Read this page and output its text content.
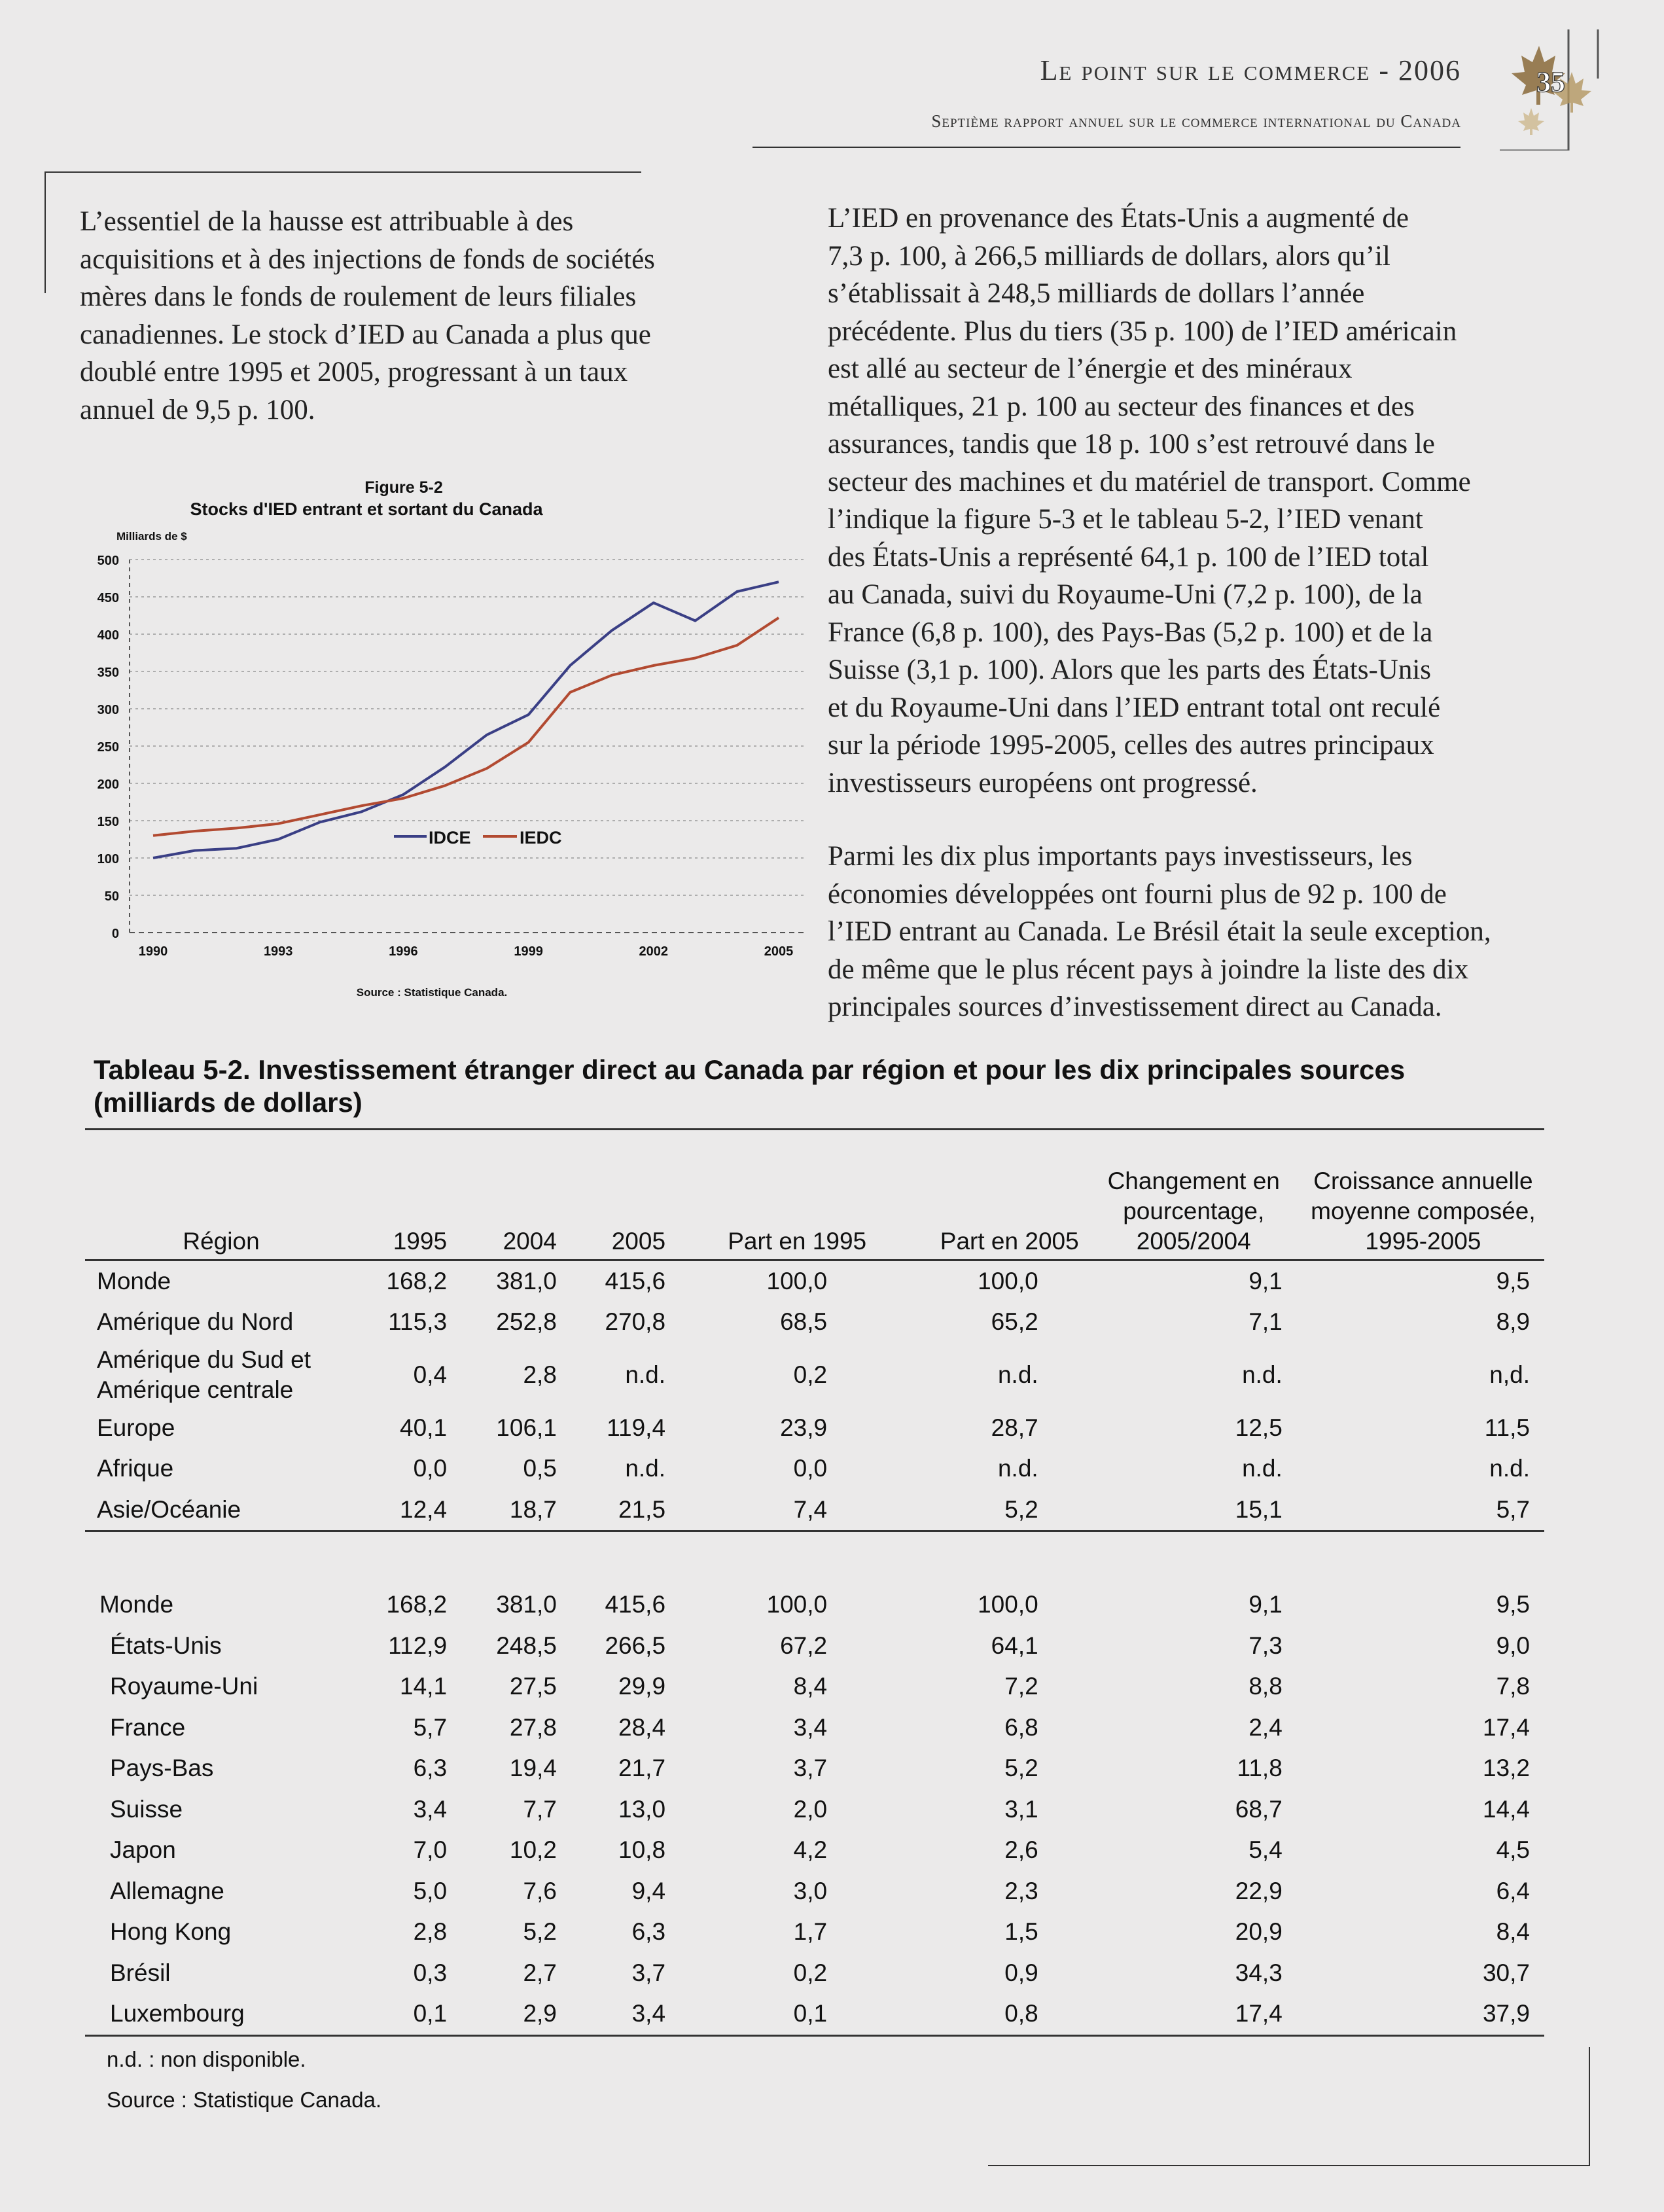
Le point sur le commerce - 2006
Septième rapport annuel sur le commerce international du Canada
35
L’essentiel de la hausse est attribuable à des
acquisitions et à des injections de fonds de sociétés
mères dans le fonds de roulement de leurs filiales
canadiennes. Le stock d’IED au Canada a plus que
doublé entre 1995 et 2005, progressant à un taux
annuel de 9,5 p. 100.
L’IED en provenance des États-Unis a augmenté de
7,3 p. 100, à 266,5 milliards de dollars, alors qu’il
s’établissait à 248,5 milliards de dollars l’année
précédente. Plus du tiers (35 p. 100) de l’IED américain
est allé au secteur de l’énergie et des minéraux
métalliques, 21 p. 100 au secteur des finances et des
assurances, tandis que 18 p. 100 s’est retrouvé dans le
secteur des machines et du matériel de transport. Comme
l’indique la figure 5-3 et le tableau 5-2, l’IED venant
des États-Unis a représenté 64,1 p. 100 de l’IED total
au Canada, suivi du Royaume-Uni (7,2 p. 100), de la
France (6,8 p. 100), des Pays-Bas (5,2 p. 100) et de la
Suisse (3,1 p. 100). Alors que les parts des États-Unis
et du Royaume-Uni dans l’IED entrant total ont reculé
sur la période 1995-2005, celles des autres principaux
investisseurs européens ont progressé.
Parmi les dix plus importants pays investisseurs, les
économies développées ont fourni plus de 92 p. 100 de
l’IED entrant au Canada. Le Brésil était la seule exception,
de même que le plus récent pays à joindre la liste des dix
principales sources d’investissement direct au Canada.
Figure 5-2
Stocks d'IED entrant et sortant du Canada
Milliards de $
500
450
400
350
300
250
200
150
100
50
0
1990	1993	1996	1999	2002	2005
IDCE	IEDC
Source : Statistique Canada.
Tableau 5-2. Investissement étranger direct au Canada par région et pour les dix principales sources
(milliards de dollars)
Région	1995	2004	2005	Part en 1995	Part en 2005	Changement en pourcentage, 2005/2004	Croissance annuelle moyenne composée, 1995-2005
Monde	168,2	381,0	415,6	100,0	100,0	9,1	9,5
Amérique du Nord	115,3	252,8	270,8	68,5	65,2	7,1	8,9
Amérique du Sud et Amérique centrale	0,4	2,8	n.d.	0,2	n.d.	n.d.	n,d.
Europe	40,1	106,1	119,4	23,9	28,7	12,5	11,5
Afrique	0,0	0,5	n.d.	0,0	n.d.	n.d.	n.d.
Asie/Océanie	12,4	18,7	21,5	7,4	5,2	15,1	5,7
Monde	168,2	381,0	415,6	100,0	100,0	9,1	9,5
États-Unis	112,9	248,5	266,5	67,2	64,1	7,3	9,0
Royaume-Uni	14,1	27,5	29,9	8,4	7,2	8,8	7,8
France	5,7	27,8	28,4	3,4	6,8	2,4	17,4
Pays-Bas	6,3	19,4	21,7	3,7	5,2	11,8	13,2
Suisse	3,4	7,7	13,0	2,0	3,1	68,7	14,4
Japon	7,0	10,2	10,8	4,2	2,6	5,4	4,5
Allemagne	5,0	7,6	9,4	3,0	2,3	22,9	6,4
Hong Kong	2,8	5,2	6,3	1,7	1,5	20,9	8,4
Brésil	0,3	2,7	3,7	0,2	0,9	34,3	30,7
Luxembourg	0,1	2,9	3,4	0,1	0,8	17,4	37,9
n.d. : non disponible.
Source : Statistique Canada.
